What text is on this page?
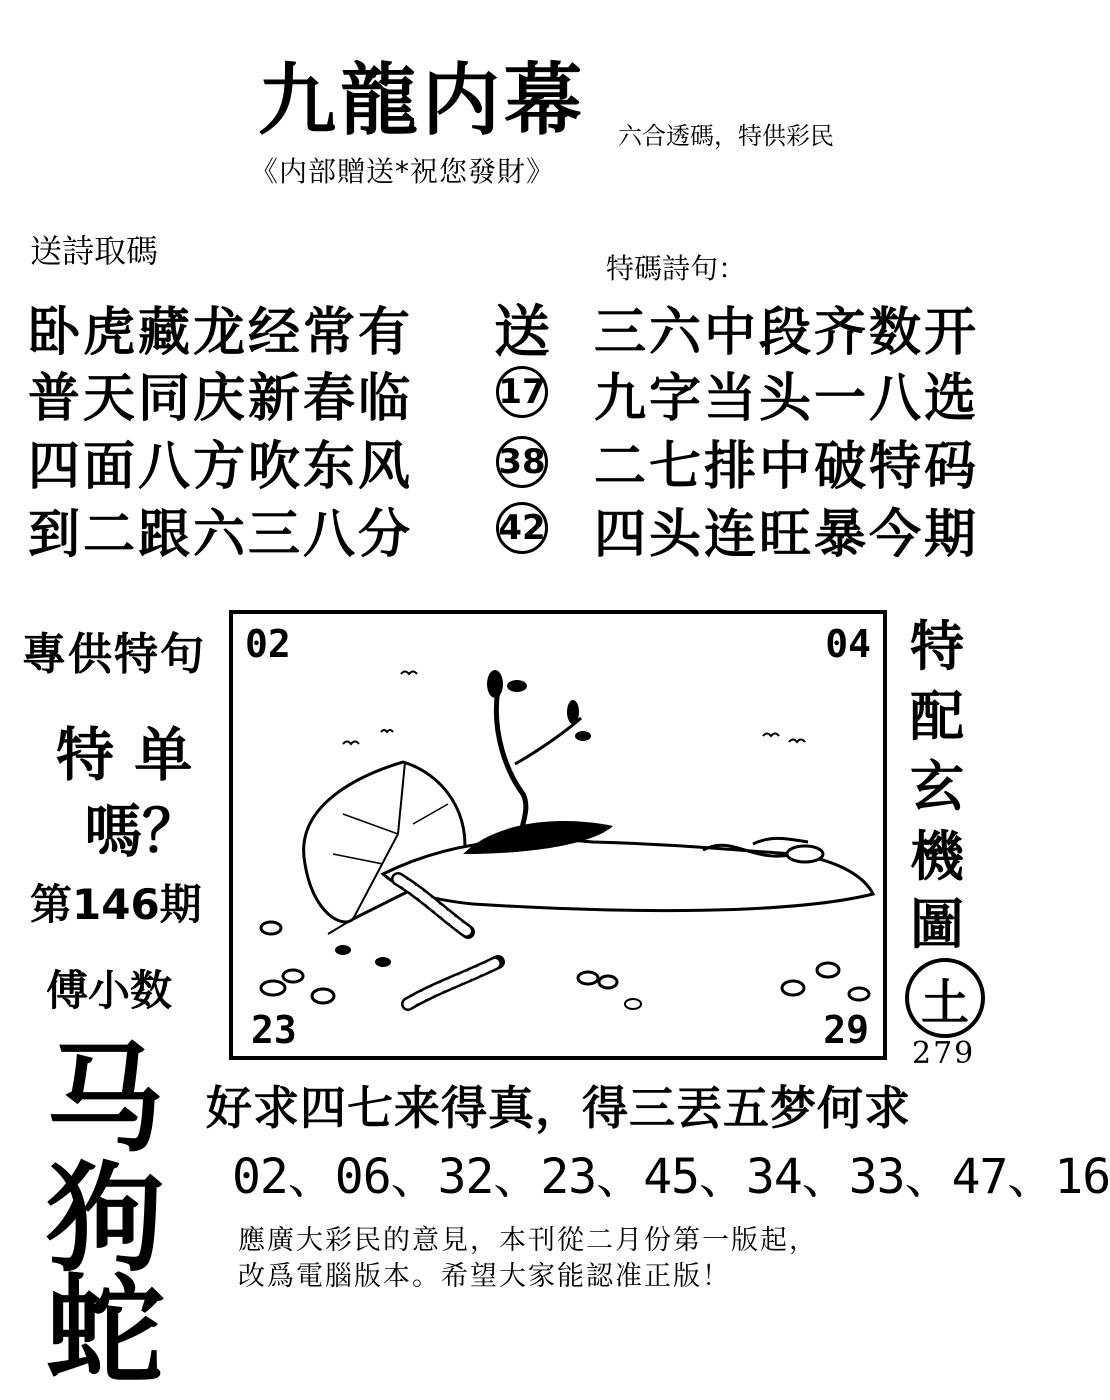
九龍内幕 六合透碼，特供彩民
《内部贈送*祝您發財》
送詩取碼
卧虎藏龙经常有
普天同庆新春临
四面八方吹东风
到二跟六三八分
特碼詩句：
送
17
38
42
三六中段齐数开
九字当头一八选
二七排中破特码
四头连旺暴今期
專供特句
特 单
嗎？
第146期
傅小数
02	04
23	29
特
配
玄
機
圖
土
279
马
狗
蛇
好求四七来得真，得三丟五梦何求
02、06、32、23、45、34、33、47、16
應廣大彩民的意見，本刊從二月份第一版起，
改爲電腦版本。希望大家能認准正版！
